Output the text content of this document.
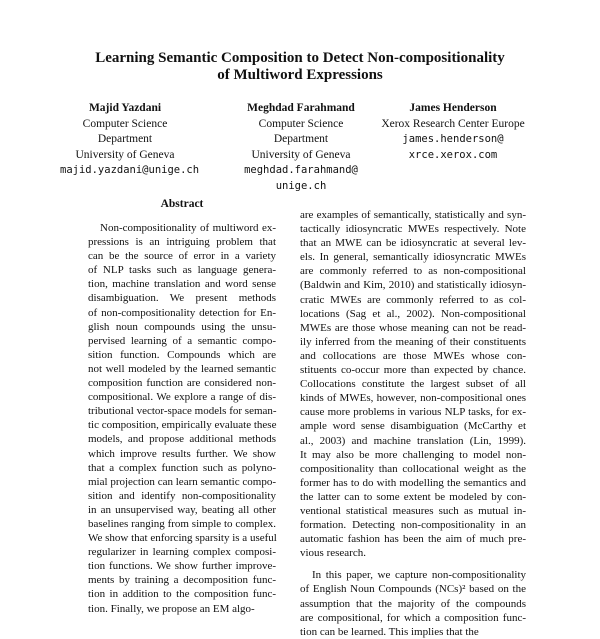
Learning Semantic Composition to Detect Non-compositionality
of Multiword Expressions
Majid Yazdani
Computer Science
Department
University of Geneva
majid.yazdani@unige.ch
Meghdad Farahmand
Computer Science
Department
University of Geneva
meghdad.farahmand@
unige.ch
James Henderson
Xerox Research Center Europe
james.henderson@
xrce.xerox.com
Abstract
Non-compositionality of multiword ex-
pressions is an intriguing problem that
can be the source of error in a variety
of NLP tasks such as language genera-
tion, machine translation and word sense
disambiguation. We present methods
of non-compositionality detection for En-
glish noun compounds using the unsu-
pervised learning of a semantic compo-
sition function. Compounds which are
not well modeled by the learned semantic
composition function are considered non-
compositional. We explore a range of dis-
tributional vector-space models for seman-
tic composition, empirically evaluate these
models, and propose additional methods
which improve results further. We show
that a complex function such as polyno-
mial projection can learn semantic compo-
sition and identify non-compositionality
in an unsupervised way, beating all other
baselines ranging from simple to complex.
We show that enforcing sparsity is a useful
regularizer in learning complex composi-
tion functions. We show further improve-
ments by training a decomposition func-
tion in addition to the composition func-
tion. Finally, we propose an EM algo-
are examples of semantically, statistically and syn-
tactically idiosyncratic MWEs respectively. Note
that an MWE can be idiosyncratic at several lev-
els. In general, semantically idiosyncratic MWEs
are commonly referred to as non-compositional
(Baldwin and Kim, 2010) and statistically idiosyn-
cratic MWEs are commonly referred to as col-
locations (Sag et al., 2002). Non-compositional
MWEs are those whose meaning can not be read-
ily inferred from the meaning of their constituents
and collocations are those MWEs whose con-
stituents co-occur more than expected by chance.
Collocations constitute the largest subset of all
kinds of MWEs, however, non-compositional ones
cause more problems in various NLP tasks, for ex-
ample word sense disambiguation (McCarthy et
al., 2003) and machine translation (Lin, 1999).
It may also be more challenging to model non-
compositionality than collocational weight as the
former has to do with modelling the semantics and
the latter can to some extent be modeled by con-
ventional statistical measures such as mutual in-
formation. Detecting non-compositionality in an
automatic fashion has been the aim of much pre-
vious research.

In this paper, we capture non-compositionality
of English Noun Compounds (NCs)² based on the
assumption that the majority of the compounds
are compositional, for which a composition func-
tion can be learned. This implies that the
